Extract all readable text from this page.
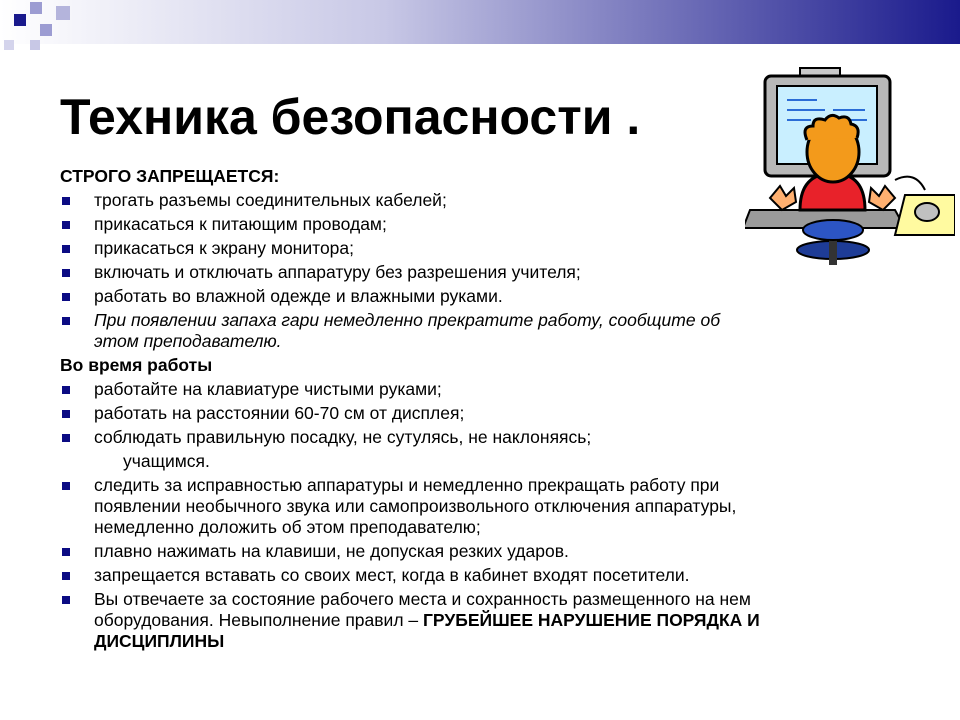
Техника безопасности .
СТРОГО ЗАПРЕЩАЕТСЯ:
трогать разъемы соединительных кабелей;
прикасаться к питающим проводам;
прикасаться к экрану монитора;
включать и отключать аппаратуру без разрешения учителя;
работать во влажной одежде и влажными руками.
При появлении запаха гари немедленно прекратите работу, сообщите об
этом преподавателю.
Во время работы
работайте на клавиатуре чистыми руками;
работать на расстоянии 60-70 см от дисплея;
соблюдать правильную посадку, не сутулясь, не наклоняясь;
учащимся.
следить за исправностью аппаратуры и немедленно прекращать работу при
появлении необычного звука или самопроизвольного отключения аппаратуры,
немедленно доложить об этом преподавателю;
плавно нажимать на клавиши, не допуская резких ударов.
запрещается вставать со своих мест, когда в кабинет входят посетители.
Вы отвечаете за состояние рабочего места и сохранность размещенного на нем
оборудования. Невыполнение правил – ГРУБЕЙШЕЕ НАРУШЕНИЕ ПОРЯДКА И
ДИСЦИПЛИНЫ
